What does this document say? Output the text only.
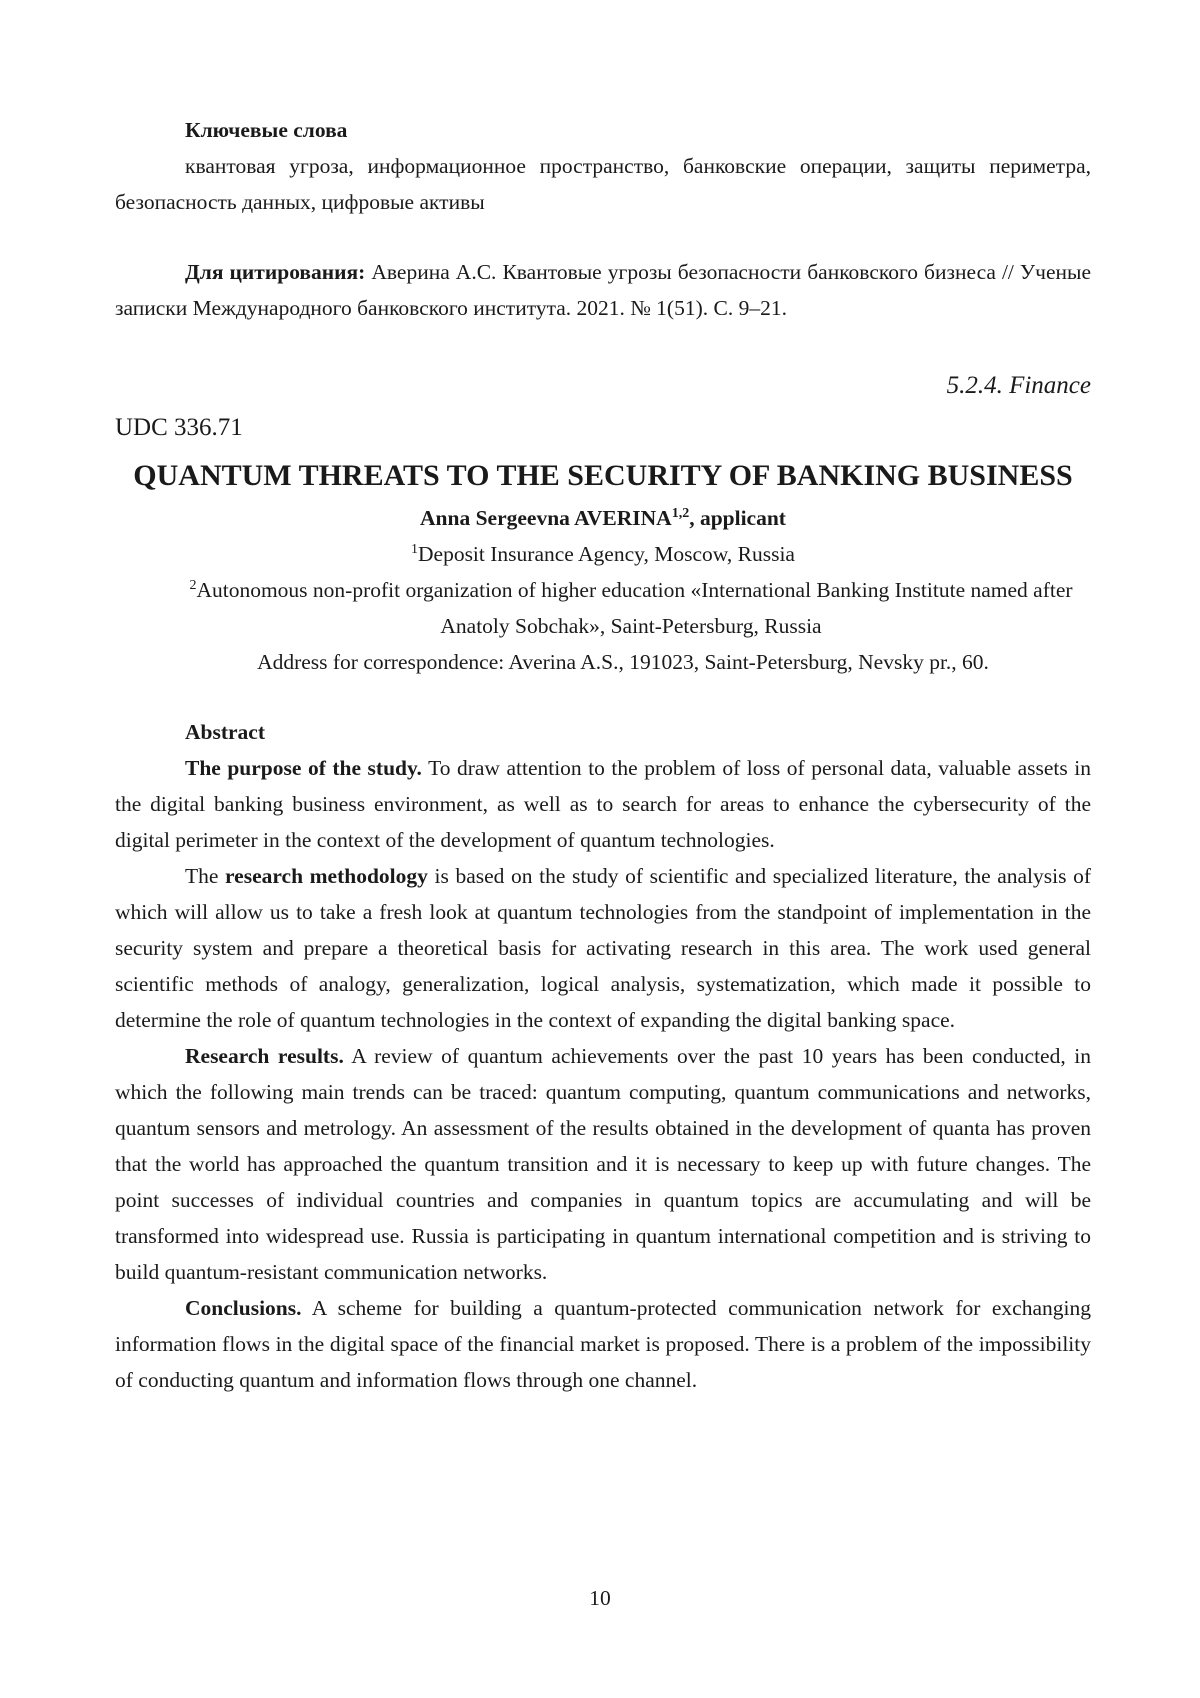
Ключевые слова
квантовая угроза, информационное пространство, банковские операции, защиты периметра, безопасность данных, цифровые активы
Для цитирования: Аверина А.С. Квантовые угрозы безопасности банковского бизнеса // Ученые записки Международного банковского института. 2021. № 1(51). С. 9–21.
5.2.4. Finance
UDC 336.71
QUANTUM THREATS TO THE SECURITY OF BANKING BUSINESS
Anna Sergeevna AVERINA$^{1,2}$, applicant
$^1$Deposit Insurance Agency, Moscow, Russia
$^2$Autonomous non-profit organization of higher education «International Banking Institute named after Anatoly Sobchak», Saint-Petersburg, Russia
Address for correspondence: Averina A.S., 191023, Saint-Petersburg, Nevsky pr., 60.
Abstract
The purpose of the study. To draw attention to the problem of loss of personal data, valuable assets in the digital banking business environment, as well as to search for areas to enhance the cybersecurity of the digital perimeter in the context of the development of quantum technologies.
The research methodology is based on the study of scientific and specialized literature, the analysis of which will allow us to take a fresh look at quantum technologies from the standpoint of implementation in the security system and prepare a theoretical basis for activating research in this area. The work used general scientific methods of analogy, generalization, logical analysis, systematization, which made it possible to determine the role of quantum technologies in the context of expanding the digital banking space.
Research results. A review of quantum achievements over the past 10 years has been conducted, in which the following main trends can be traced: quantum computing, quantum communications and networks, quantum sensors and metrology. An assessment of the results obtained in the development of quanta has proven that the world has approached the quantum transition and it is necessary to keep up with future changes. The point successes of individual countries and companies in quantum topics are accumulating and will be transformed into widespread use. Russia is participating in quantum international competition and is striving to build quantum-resistant communication networks.
Conclusions. A scheme for building a quantum-protected communication network for exchanging information flows in the digital space of the financial market is proposed. There is a problem of the impossibility of conducting quantum and information flows through one channel.
10
